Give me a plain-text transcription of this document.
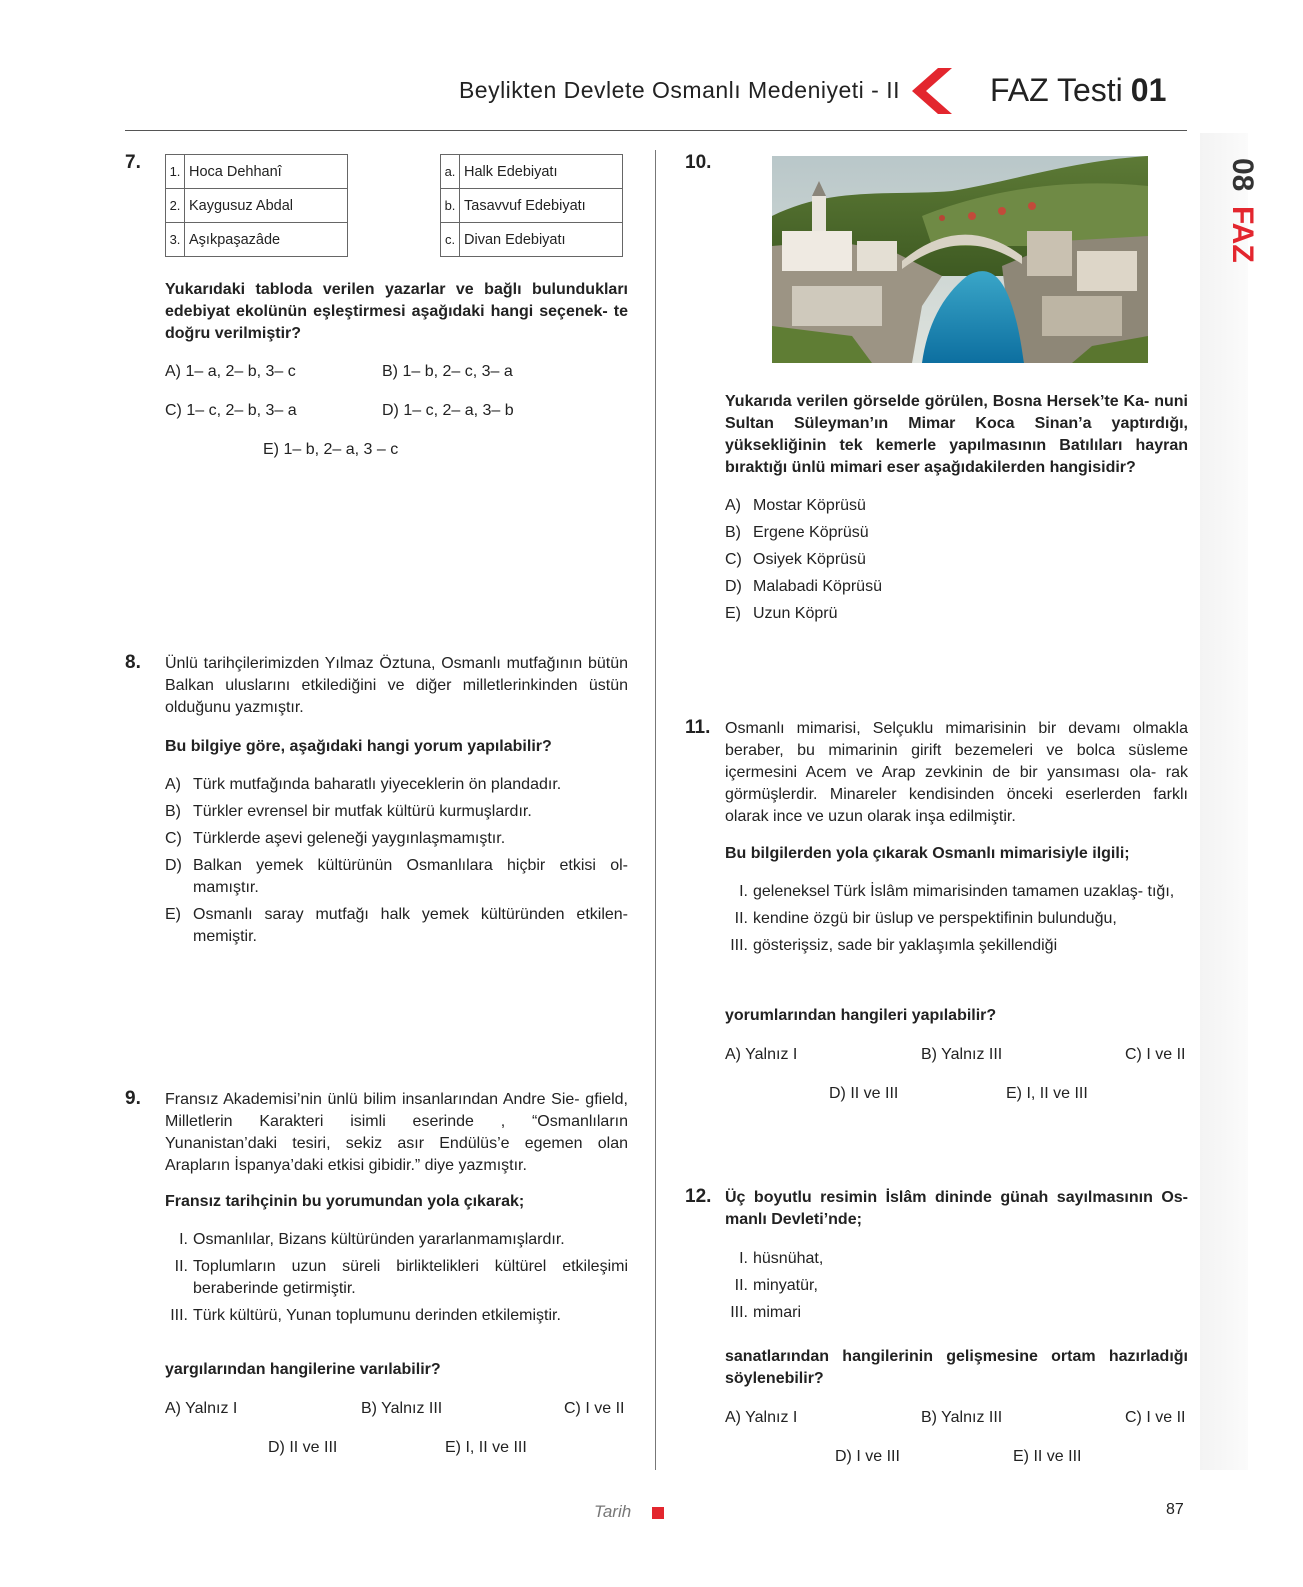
Beylikten Devlete Osmanlı Medeniyeti - II	FAZ Testi 01
08
FAZ
7. 1.	Hoca Dehhanî
2.	Kaygusuz Abdal
3.	Aşıkpaşazâde
a.	Halk Edebiyatı
b.	Tasavvuf Edebiyatı
c.	Divan Edebiyatı
Yukarıdaki tabloda verilen yazarlar ve bağlı bulundukları edebiyat ekolünün eşleştirmesi aşağıdaki hangi seçenek- te doğru verilmiştir?
A) 1– a, 2– b, 3– c	B) 1– b, 2– c, 3– a
C) 1– c, 2– b, 3– a	D) 1– c, 2– a, 3– b
E) 1– b, 2– a, 3 – c
8. Ünlü tarihçilerimizden Yılmaz Öztuna, Osmanlı mutfağının bütün Balkan uluslarını etkilediğini ve diğer milletlerinkinden üstün olduğunu yazmıştır.
Bu bilgiye göre, aşağıdaki hangi yorum yapılabilir?
A) Türk mutfağında baharatlı yiyeceklerin ön plandadır.
B) Türkler evrensel bir mutfak kültürü kurmuşlardır.
C) Türklerde aşevi geleneği yaygınlaşmamıştır.
D) Balkan yemek kültürünün Osmanlılara hiçbir etkisi ol- mamıştır.
E) Osmanlı saray mutfağı halk yemek kültüründen etkilen- memiştir.
9. Fransız Akademisi’nin ünlü bilim insanlarından Andre Sie- gfield, Milletlerin Karakteri isimli eserinde , “Osmanlıların Yunanistan’daki tesiri, sekiz asır Endülüs’e egemen olan Arapların İspanya’daki etkisi gibidir.” diye yazmıştır.
Fransız tarihçinin bu yorumundan yola çıkarak;
I. Osmanlılar, Bizans kültüründen yararlanmamışlardır.
II. Toplumların uzun süreli birliktelikleri kültürel etkileşimi beraberinde getirmiştir.
III. Türk kültürü, Yunan toplumunu derinden etkilemiştir.
yargılarından hangilerine varılabilir?
A) Yalnız I	B) Yalnız III	C) I ve II
D) II ve III	E) I, II ve III
10.
Yukarıda verilen görselde görülen, Bosna Hersek’te Ka- nuni Sultan Süleyman’ın Mimar Koca Sinan’a yaptırdığı, yüksekliğinin tek kemerle yapılmasının Batılıları hayran bıraktığı ünlü mimari eser aşağıdakilerden hangisidir?
A) Mostar Köprüsü
B) Ergene Köprüsü
C) Osiyek Köprüsü
D) Malabadi Köprüsü
E) Uzun Köprü
11. Osmanlı mimarisi, Selçuklu mimarisinin bir devamı olmakla beraber, bu mimarinin girift bezemeleri ve bolca süsleme içermesini Acem ve Arap zevkinin de bir yansıması ola- rak görmüşlerdir. Minareler kendisinden önceki eserlerden farklı olarak ince ve uzun olarak inşa edilmiştir.
Bu bilgilerden yola çıkarak Osmanlı mimarisiyle ilgili;
I. geleneksel Türk İslâm mimarisinden tamamen uzaklaş- tığı,
II. kendine özgü bir üslup ve perspektifinin bulunduğu,
III. gösterişsiz, sade bir yaklaşımla şekillendiği
yorumlarından hangileri yapılabilir?
A) Yalnız I	B) Yalnız III	C) I ve II
D) II ve III	E) I, II ve III
12. Üç boyutlu resimin İslâm dininde günah sayılmasının Os- manlı Devleti’nde;
I. hüsnühat,
II. minyatür,
III. mimari
sanatlarından hangilerinin gelişmesine ortam hazırladığı söylenebilir?
A) Yalnız I	B) Yalnız III	C) I ve II
D) I ve III	E) II ve III
Tarih	87
